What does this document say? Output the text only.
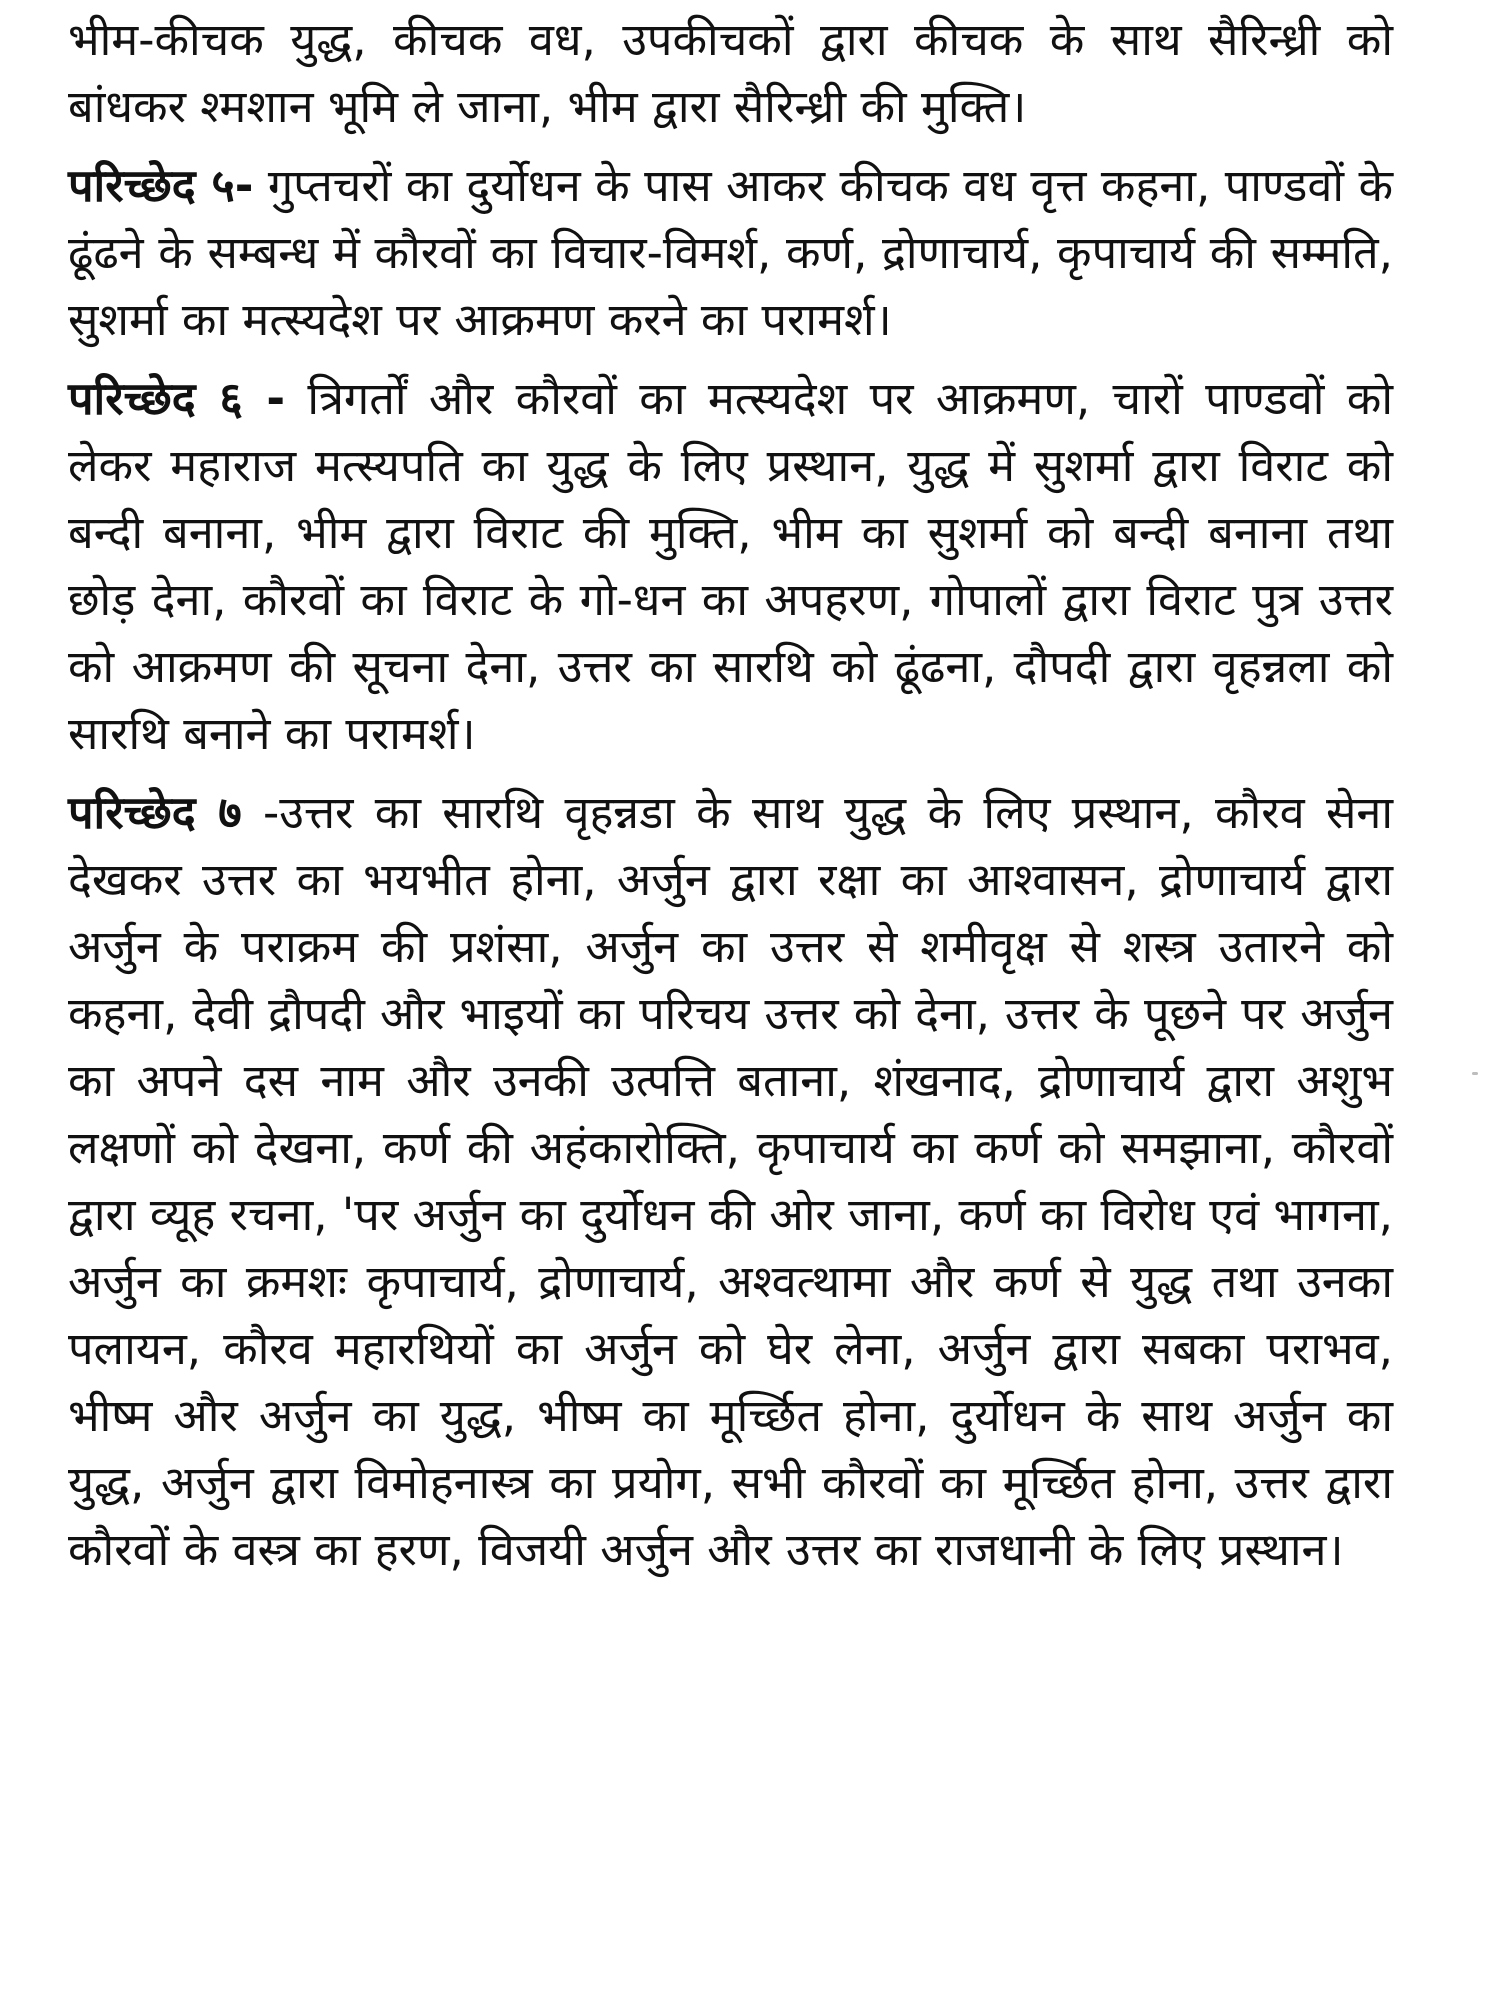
भीम-कीचक युद्ध, कीचक वध, उपकीचकों द्वारा कीचक के साथ सैरिन्ध्री को बांधकर श्मशान भूमि ले जाना, भीम द्वारा सैरिन्ध्री की मुक्ति।

परिच्छेद ५- गुप्तचरों का दुर्योधन के पास आकर कीचक वध वृत्त कहना, पाण्डवों के ढूंढने के सम्बन्ध में कौरवों का विचार-विमर्श, कर्ण, द्रोणाचार्य, कृपाचार्य की सम्मति, सुशर्मा का मत्स्यदेश पर आक्रमण करने का परामर्श।

परिच्छेद ६ - त्रिगर्तों और कौरवों का मत्स्यदेश पर आक्रमण, चारों पाण्डवों को लेकर महाराज मत्स्यपति का युद्ध के लिए प्रस्थान, युद्ध में सुशर्मा द्वारा विराट को बन्दी बनाना, भीम द्वारा विराट की मुक्ति, भीम का सुशर्मा को बन्दी बनाना तथा छोड़ देना, कौरवों का विराट के गो-धन का अपहरण, गोपालों द्वारा विराट पुत्र उत्तर को आक्रमण की सूचना देना, उत्तर का सारथि को ढूंढना, दौपदी द्वारा वृहन्नला को सारथि बनाने का परामर्श।

परिच्छेद ७ -उत्तर का सारथि वृहन्नडा के साथ युद्ध के लिए प्रस्थान, कौरव सेना देखकर उत्तर का भयभीत होना, अर्जुन द्वारा रक्षा का आश्वासन, द्रोणाचार्य द्वारा अर्जुन के पराक्रम की प्रशंसा, अर्जुन का उत्तर से शमीवृक्ष से शस्त्र उतारने को कहना, देवी द्रौपदी और भाइयों का परिचय उत्तर को देना, उत्तर के पूछने पर अर्जुन का अपने दस नाम और उनकी उत्पत्ति बताना, शंखनाद, द्रोणाचार्य द्वारा अशुभ लक्षणों को देखना, कर्ण की अहंकारोक्ति, कृपाचार्य का कर्ण को समझाना, कौरवों द्वारा व्यूह रचना, 'पर अर्जुन का दुर्योधन की ओर जाना, कर्ण का विरोध एवं भागना, अर्जुन का क्रमशः कृपाचार्य, द्रोणाचार्य, अश्वत्थामा और कर्ण से युद्ध तथा उनका पलायन, कौरव महारथियों का अर्जुन को घेर लेना, अर्जुन द्वारा सबका पराभव, भीष्म और अर्जुन का युद्ध, भीष्म का मूर्च्छित होना, दुर्योधन के साथ अर्जुन का युद्ध, अर्जुन द्वारा विमोहनास्त्र का प्रयोग, सभी कौरवों का मूर्च्छित होना, उत्तर द्वारा कौरवों के वस्त्र का हरण, विजयी अर्जुन और उत्तर का राजधानी के लिए प्रस्थान।
